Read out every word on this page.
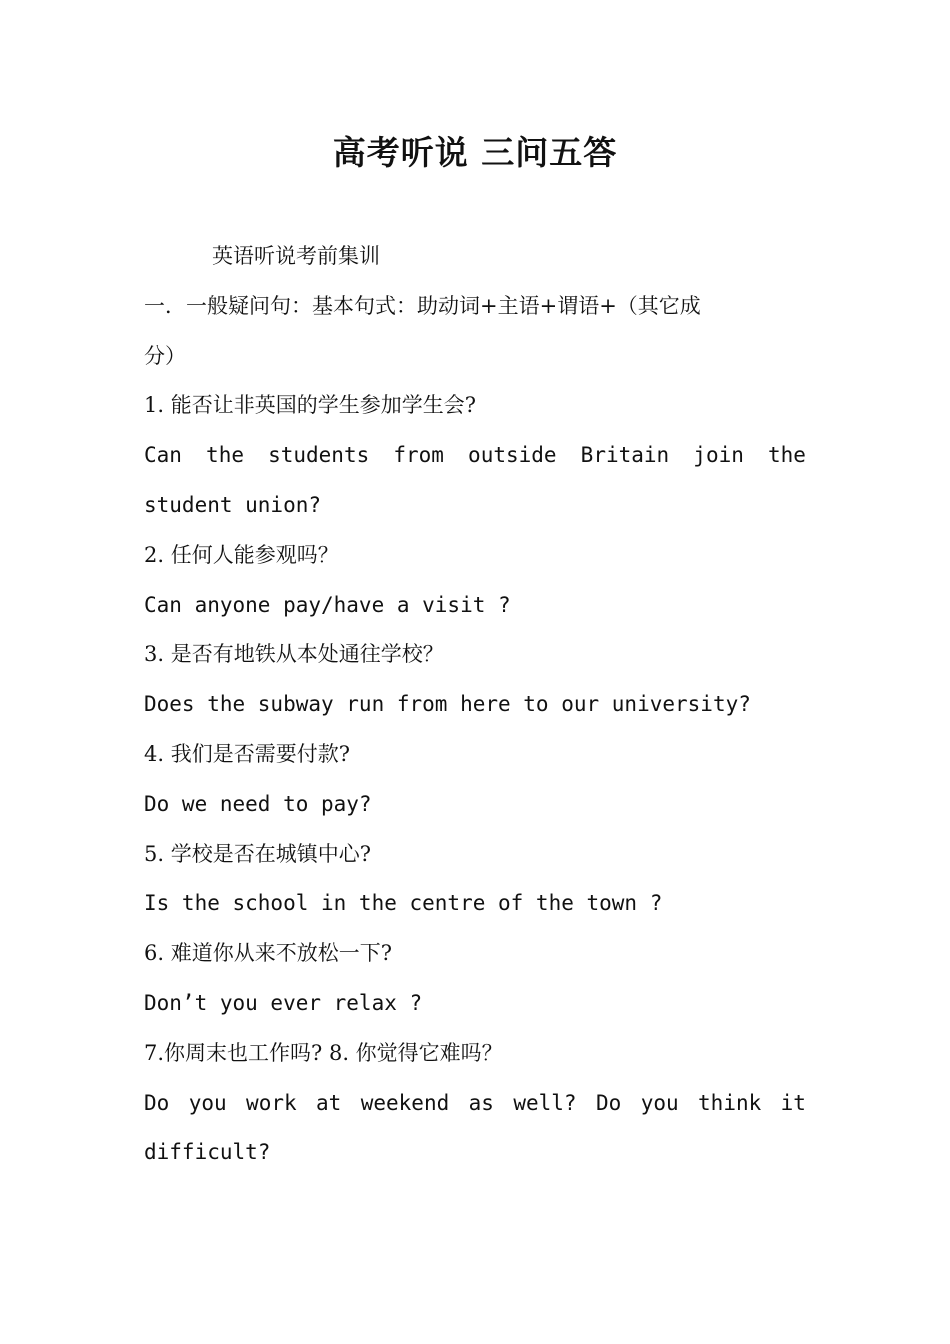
高考听说 三问五答
英语听说考前集训
一．一般疑问句：基本句式：助动词+主语+谓语+（其它成
分）
1. 能否让非英国的学生参加学生会?
Can the students from outside Britain join the
student union?
2. 任何人能参观吗？
Can anyone pay/have a visit ?
3. 是否有地铁从本处通往学校？
Does the subway run from here to our university?
4. 我们是否需要付款?
Do we need to pay?
5. 学校是否在城镇中心?
Is the school in the centre of the town ?
6. 难道你从来不放松一下?
Don’t you ever relax ?
7.你周末也工作吗? 8. 你觉得它难吗？
Do you work at weekend as well? Do you think it
difficult?
